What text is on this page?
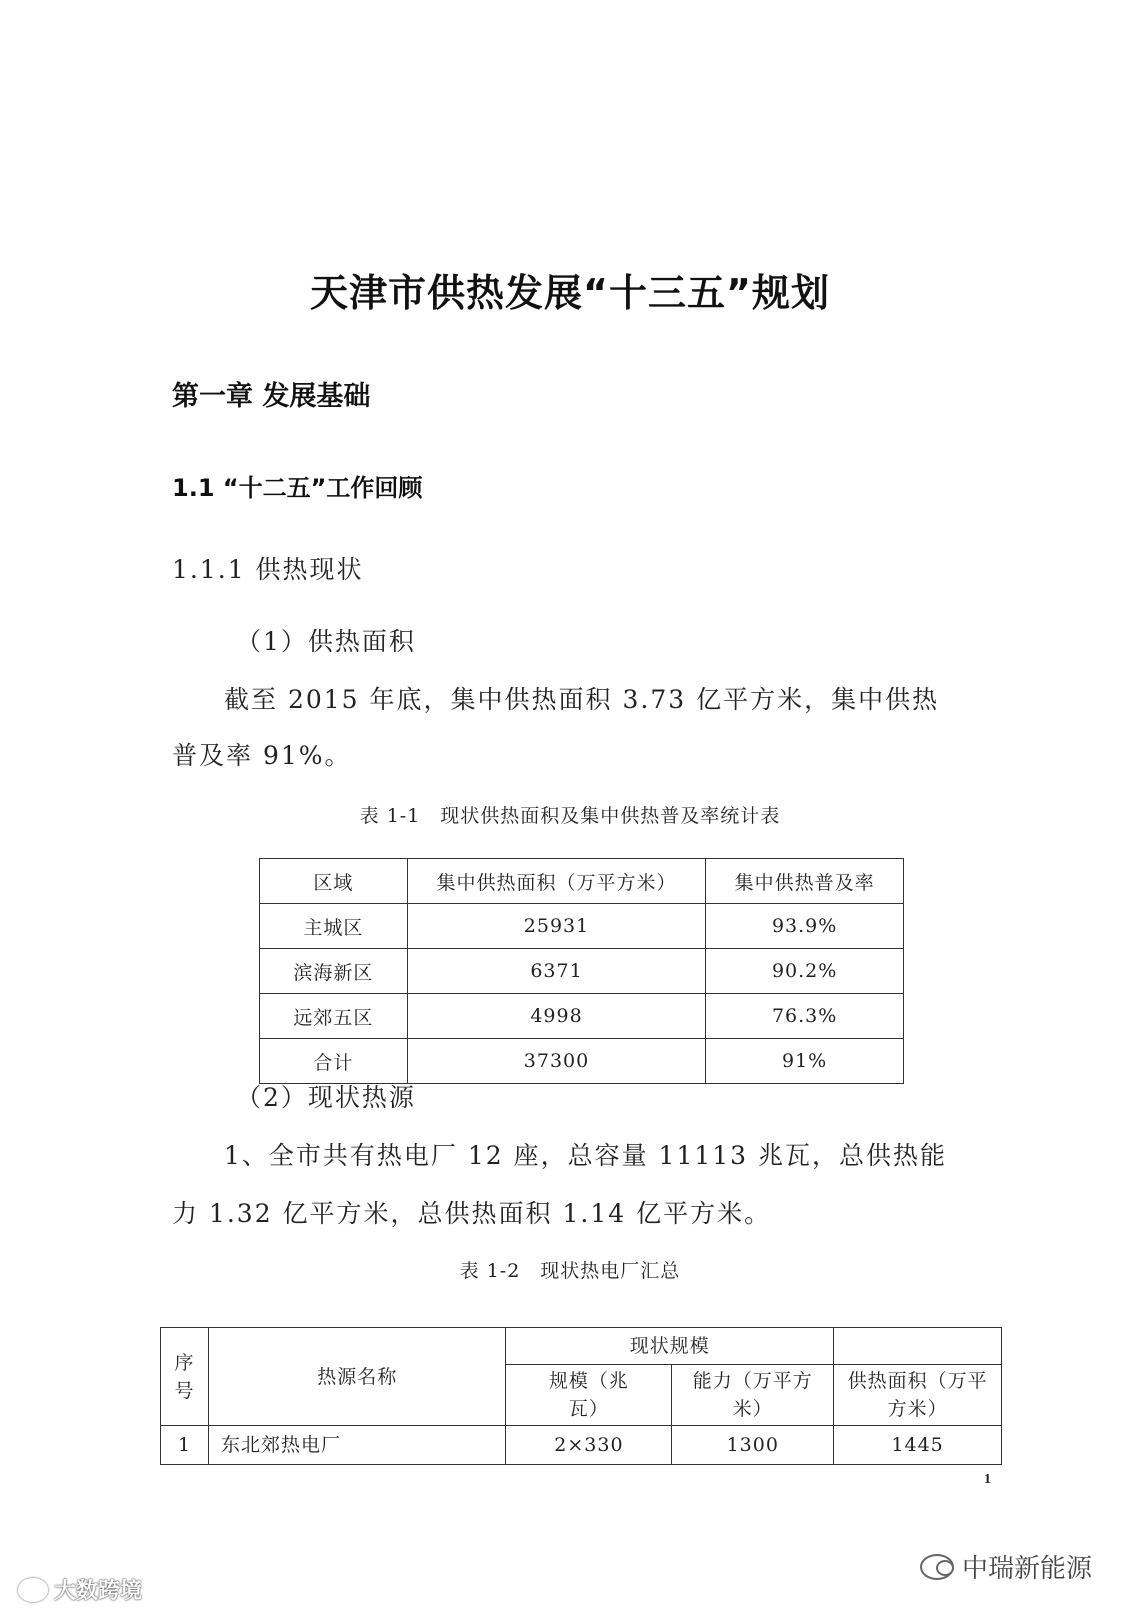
天津市供热发展“十三五”规划
第一章 发展基础
1.1 “十二五”工作回顾
1.1.1 供热现状
（1）供热面积
截至 2015 年底，集中供热面积 3.73 亿平方米，集中供热
普及率 91%。
表 1-1　现状供热面积及集中供热普及率统计表
区域	集中供热面积（万平方米）	集中供热普及率
主城区	25931	93.9%
滨海新区	6371	90.2%
远郊五区	4998	76.3%
合计	37300	91%
（2）现状热源
1、全市共有热电厂 12 座，总容量 11113 兆瓦，总供热能
力 1.32 亿平方米，总供热面积 1.14 亿平方米。
表 1-2　现状热电厂汇总
序号	热源名称	现状规模		
		规模（兆瓦）	能力（万平方米）	供热面积（万平方米）
1	东北郊热电厂	2×330	1300	1445
1
大数跨境
中瑞新能源
